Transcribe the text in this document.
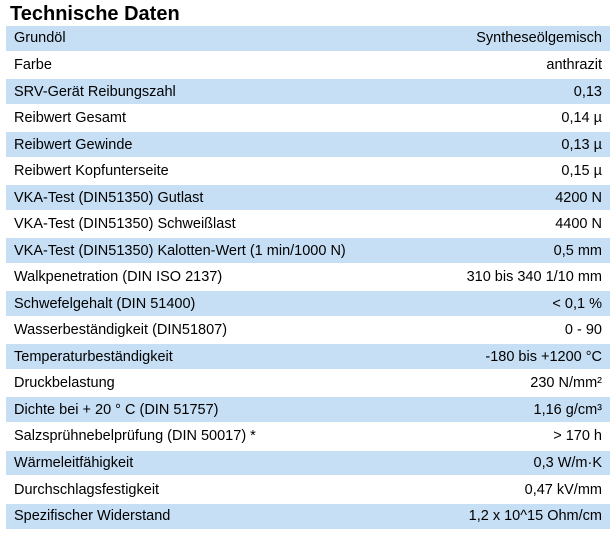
Technische Daten
Grundöl	Syntheseölgemisch
Farbe	anthrazit
SRV-Gerät Reibungszahl	0,13
Reibwert Gesamt	0,14 µ
Reibwert Gewinde	0,13 µ
Reibwert Kopfunterseite	0,15 µ
VKA-Test (DIN51350) Gutlast	4200 N
VKA-Test (DIN51350) Schweißlast	4400 N
VKA-Test (DIN51350) Kalotten-Wert (1 min/1000 N)	0,5 mm
Walkpenetration (DIN ISO 2137)	310 bis 340 1/10 mm
Schwefelgehalt (DIN 51400)	< 0,1 %
Wasserbeständigkeit (DIN51807)	0 - 90
Temperaturbeständigkeit	-180 bis +1200 °C
Druckbelastung	230 N/mm²
Dichte bei + 20 ° C (DIN 51757)	1,16 g/cm³
Salzsprühnebelprüfung (DIN 50017) *	> 170 h
Wärmeleitfähigkeit	0,3 W/m·K
Durchschlagsfestigkeit	0,47 kV/mm
Spezifischer Widerstand	1,2 x 10^15 Ohm/cm
